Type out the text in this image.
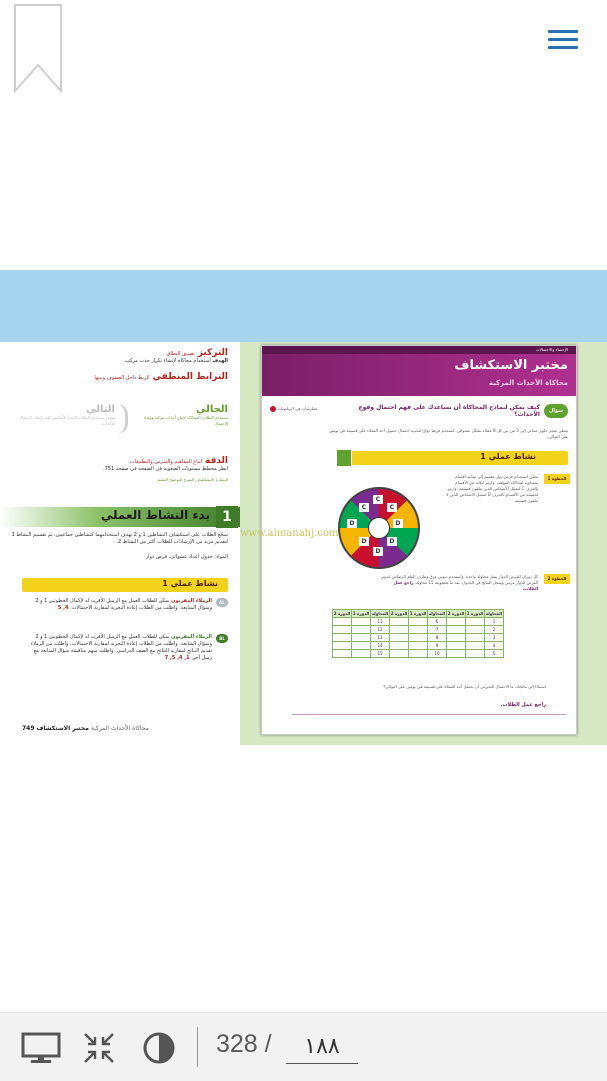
التركيز تضييق النطاق
الهدف استخدام محاكاة لإنشاء تكرار حدث مركب.
الترابط المنطقي الربط داخل الصفوف وبينها
الحالي
يستخدم الطلاب المحاكاة لإنتاج أحداث مركبة وإيجاد الاحتمال.
التالي
سوف يستخدم الطلاب المبدأ الأساسي للعد لإيجاد الاحتمال للأحداث.
الدقة اتباع المفاهيم والتمرس والتطبيقات
انظر مخطط مستويات الصعوبة في الصفحة في صفحة 751.
البشارة الاستكشاف الشرح التوضيح التقييم
1
بدء النشاط العملي
شجّع الطلاب على استكشاف النشاطين 1 و 2 بهدف استخدامهما كنشاطين جماعيين. ثم تقسيم النشاط 1 لتقديم مزيد من الإرشادات للطلاب أكثر من النشاط 2.
المواد: جدول أعداد عشوائي، قرص دوار
نشاط عملي 1
AL
الزملاء المقربون يمكن للطلاب العمل مع الزميل الأقرب له لإكمال الخطوتين 1 و 2 وسؤال المتابعة. واطلب من الطلاب إعادة التجربة لمقارنة الاحتمالات. 4, 5
BL
الزملاء المقربون يمكن للطلاب العمل مع الزميل الأقرب له لإكمال الخطوتين 1 و 2 وسؤال المتابعة. واطلب من الطلاب إعادة التجربة لمقارنة الاحتمالات، واطلب من الزملاء تقديم النتائج لمقارنة النتائج مع الصف الدراسي. واطلب منهم مناقشة سؤال المتابعة مع زميل آخر. 1, 4, 5, 7
749	محاكاة الأحداث المركبة مختبر الاستكشاف
الإحصاء والاحتمالات
مختبر الاستكشاف
محاكاة الأحداث المركبة
سؤال
كيف يمكن لنماذج المحاكاة أن تساعدك على فهم احتمال وقوع الأحداث؟
ممارسات في الرياضيات
يعطي متجر حلوى مجاني إلى 3 من بين كل 8 عملاء بشكل عشوائي. استخدم قرصًا دوارًا لتحديد احتمال حصول أحد العملاء على قسيمة في يومين على التوالي.
نشاط عملي 1
الخطوة 1
يمكن استخدام قرص دوار مقسم إلى ثمانية أقسام متساوية لمحاكاة الموقف. وارمز لثلاثة من الأقسام بالحرف C لتمثيل الأشخاص الذين يتلقون قسيمة. وارمز لخمسة من الأقسام بالحرف D لتمثيل الأشخاص الذين لا يتلقون قسيمة.
C
C
C
D
D
D
D
D
الخطوة 2
كل دوران للقرص الدوار يمثل محاولة واحدة. واستخدم دبوس ورق وطرف القلم الرصاص لتدوير القرص الدوار مرتين وسجل النتائج في الجدول. نفذ ما مجموعه 15 محاولة. راجع عمل الطلاب.
الدورة 2	الدورة 1	المحاولة	الدورة 2	الدورة 1	المحاولة	الدورة 2	الدورة 1	المحاولة
		11			6			1
		12			7			2
		13			8			3
		14			9			4
		15			10			5
استنادًا إلى نتائجك، ما الاحتمال التجريبي أن يحصل أحد العملاء على قسيمة في يومين على التوالي؟
راجع عمل الطلاب.
www.almanahj.com
328 /
١٨٨
